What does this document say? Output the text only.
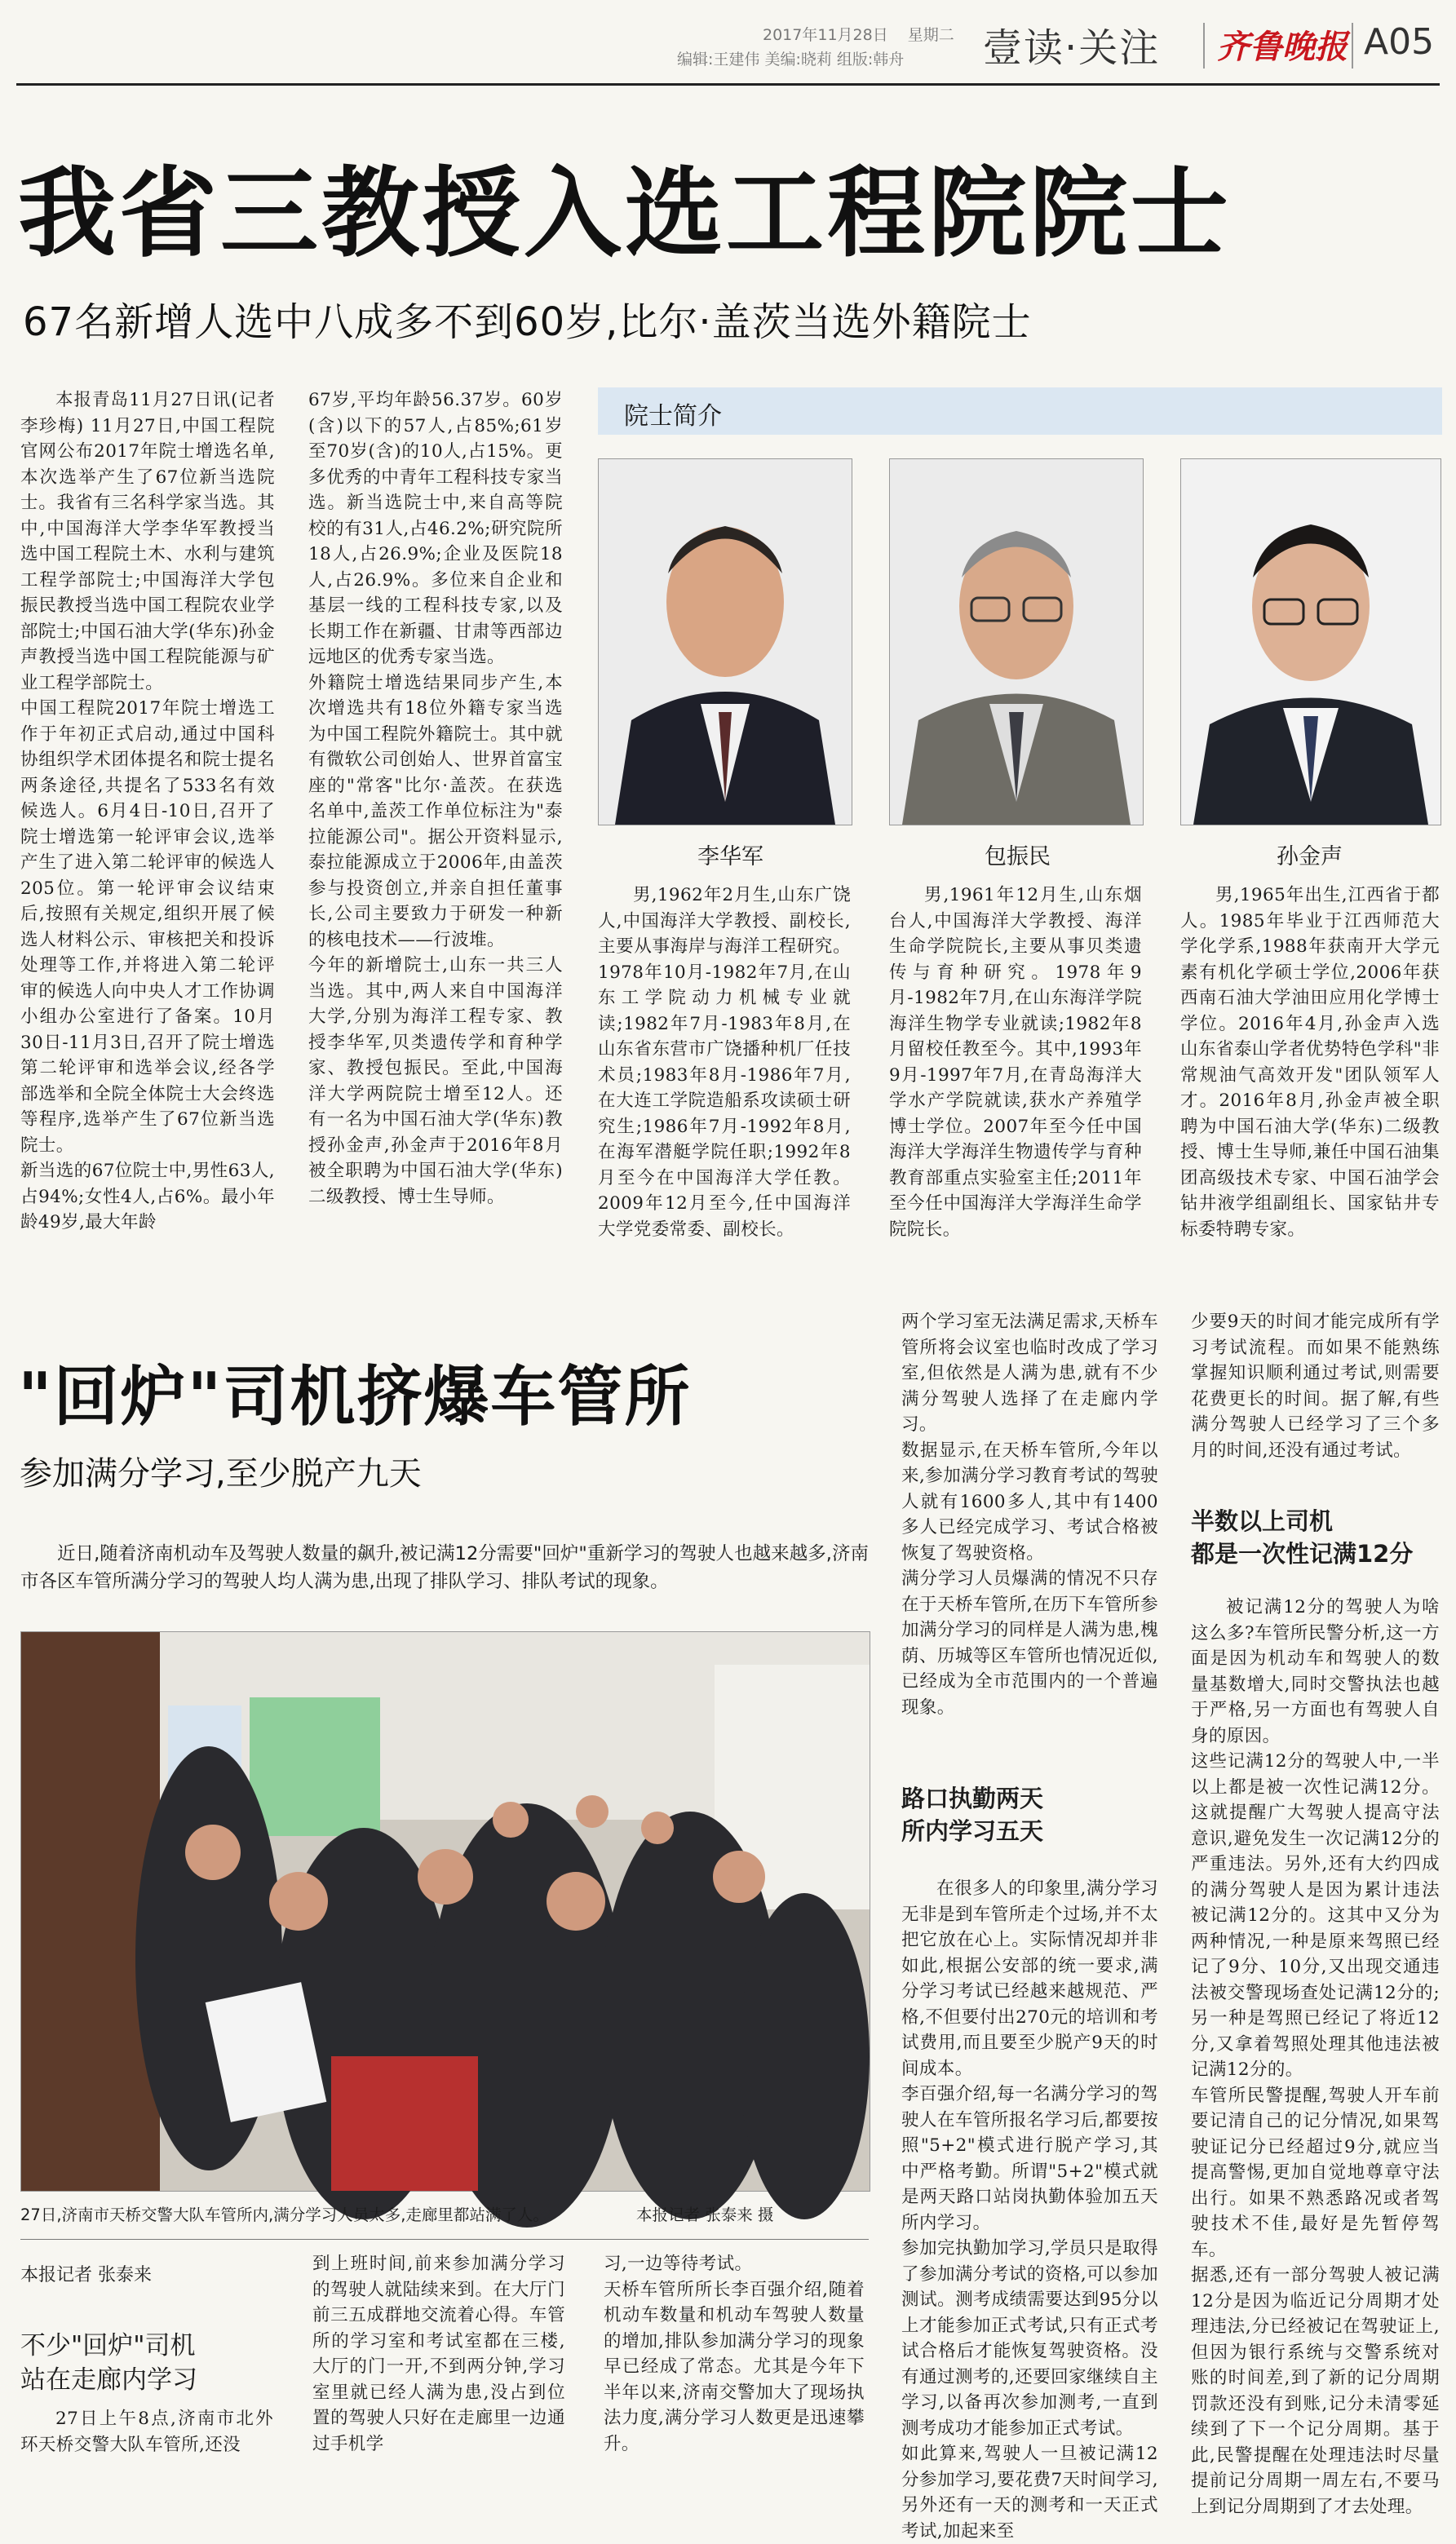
2017年11月28日 星期二
编辑:王建伟 美编:晓莉 组版:韩舟 壹读·关注 齐鲁晚报 A05
我省三教授入选工程院院士
67名新增人选中八成多不到60岁,比尔·盖茨当选外籍院士

本报青岛11月27日讯(记者 李珍梅) 11月27日,中国工程院官网公布2017年院士增选名单,本次选举产生了67位新当选院士。我省有三名科学家当选。其中,中国海洋大学李华军教授当选中国工程院土木、水利与建筑工程学部院士;中国海洋大学包振民教授当选中国工程院农业学部院士;中国石油大学(华东)孙金声教授当选中国工程院能源与矿业工程学部院士。
中国工程院2017年院士增选工作于年初正式启动,通过中国科协组织学术团体提名和院士提名两条途径,共提名了533名有效候选人。6月4日-10日,召开了院士增选第一轮评审会议,选举产生了进入第二轮评审的候选人205位。第一轮评审会议结束后,按照有关规定,组织开展了候选人材料公示、审核把关和投诉处理等工作,并将进入第二轮评审的候选人向中央人才工作协调小组办公室进行了备案。10月30日-11月3日,召开了院士增选第二轮评审和选举会议,经各学部选举和全院全体院士大会终选等程序,选举产生了67位新当选院士。
新当选的67位院士中,男性63人,占94%;女性4人,占6%。最小年龄49岁,最大年龄

67岁,平均年龄56.37岁。60岁(含)以下的57人,占85%;61岁至70岁(含)的10人,占15%。更多优秀的中青年工程科技专家当选。新当选院士中,来自高等院校的有31人,占46.2%;研究院所18人,占26.9%;企业及医院18人,占26.9%。多位来自企业和基层一线的工程科技专家,以及长期工作在新疆、甘肃等西部边远地区的优秀专家当选。
外籍院士增选结果同步产生,本次增选共有18位外籍专家当选为中国工程院外籍院士。其中就有微软公司创始人、世界首富宝座的"常客"比尔·盖茨。在获选名单中,盖茨工作单位标注为"泰拉能源公司"。据公开资料显示,泰拉能源成立于2006年,由盖茨参与投资创立,并亲自担任董事长,公司主要致力于研发一种新的核电技术——行波堆。
今年的新增院士,山东一共三人当选。其中,两人来自中国海洋大学,分别为海洋工程专家、教授李华军,贝类遗传学和育种学家、教授包振民。至此,中国海洋大学两院院士增至12人。还有一名为中国石油大学(华东)教授孙金声,孙金声于2016年8月被全职聘为中国石油大学(华东)二级教授、博士生导师。

院士简介
李华军

男,1962年2月生,山东广饶人,中国海洋大学教授、副校长,主要从事海岸与海洋工程研究。1978年10月-1982年7月,在山东工学院动力机械专业就读;1982年7月-1983年8月,在山东省东营市广饶播种机厂任技术员;1983年8月-1986年7月,在大连工学院造船系攻读硕士研究生;1986年7月-1992年8月,在海军潜艇学院任职;1992年8月至今在中国海洋大学任教。2009年12月至今,任中国海洋大学党委常委、副校长。

包振民

男,1961年12月生,山东烟台人,中国海洋大学教授、海洋生命学院院长,主要从事贝类遗传与育种研究。1978年9月-1982年7月,在山东海洋学院海洋生物学专业就读;1982年8月留校任教至今。其中,1993年9月-1997年7月,在青岛海洋大学水产学院就读,获水产养殖学博士学位。2007年至今任中国海洋大学海洋生物遗传学与育种教育部重点实验室主任;2011年至今任中国海洋大学海洋生命学院院长。

孙金声

男,1965年出生,江西省于都人。1985年毕业于江西师范大学化学系,1988年获南开大学元素有机化学硕士学位,2006年获西南石油大学油田应用化学博士学位。2016年4月,孙金声入选山东省泰山学者优势特色学科"非常规油气高效开发"团队领军人才。2016年8月,孙金声被全职聘为中国石油大学(华东)二级教授、博士生导师,兼任中国石油集团高级技术专家、中国石油学会钻井液学组副组长、国家钻井专标委特聘专家。

"回炉"司机挤爆车管所
参加满分学习,至少脱产九天

近日,随着济南机动车及驾驶人数量的飙升,被记满12分需要"回炉"重新学习的驾驶人也越来越多,济南市各区车管所满分学习的驾驶人均人满为患,出现了排队学习、排队考试的现象。

27日,济南市天桥交警大队车管所内,满分学习人员太多,走廊里都站满了人。	本报记者 张泰来 摄
本报记者 张泰来
不少"回炉"司机
站在走廊内学习

27日上午8点,济南市北外环天桥交警大队车管所,还没

到上班时间,前来参加满分学习的驾驶人就陆续来到。在大厅门前三五成群地交流着心得。车管所的学习室和考试室都在三楼,大厅的门一开,不到两分钟,学习室里就已经人满为患,没占到位置的驾驶人只好在走廊里一边通过手机学

习,一边等待考试。
天桥车管所所长李百强介绍,随着机动车数量和机动车驾驶人数量的增加,排队参加满分学习的现象早已经成了常态。尤其是今年下半年以来,济南交警加大了现场执法力度,满分学习人数更是迅速攀升。

两个学习室无法满足需求,天桥车管所将会议室也临时改成了学习室,但依然是人满为患,就有不少满分驾驶人选择了在走廊内学习。
数据显示,在天桥车管所,今年以来,参加满分学习教育考试的驾驶人就有1600多人,其中有1400多人已经完成学习、考试合格被恢复了驾驶资格。
满分学习人员爆满的情况不只存在于天桥车管所,在历下车管所参加满分学习的同样是人满为患,槐荫、历城等区车管所也情况近似,已经成为全市范围内的一个普遍现象。

路口执勤两天
所内学习五天

在很多人的印象里,满分学习无非是到车管所走个过场,并不太把它放在心上。实际情况却并非如此,根据公安部的统一要求,满分学习考试已经越来越规范、严格,不但要付出270元的培训和考试费用,而且要至少脱产9天的时间成本。
李百强介绍,每一名满分学习的驾驶人在车管所报名学习后,都要按照"5+2"模式进行脱产学习,其中严格考勤。所谓"5+2"模式就是两天路口站岗执勤体验加五天所内学习。
参加完执勤加学习,学员只是取得了参加满分考试的资格,可以参加测试。测考成绩需要达到95分以上才能参加正式考试,只有正式考试合格后才能恢复驾驶资格。没有通过测考的,还要回家继续自主学习,以备再次参加测考,一直到测考成功才能参加正式考试。
如此算来,驾驶人一旦被记满12分参加学习,要花费7天时间学习,另外还有一天的测考和一天正式考试,加起来至

少要9天的时间才能完成所有学习考试流程。而如果不能熟练掌握知识顺利通过考试,则需要花费更长的时间。据了解,有些满分驾驶人已经学习了三个多月的时间,还没有通过考试。

半数以上司机
都是一次性记满12分

被记满12分的驾驶人为啥这么多?车管所民警分析,这一方面是因为机动车和驾驶人的数量基数增大,同时交警执法也越于严格,另一方面也有驾驶人自身的原因。
这些记满12分的驾驶人中,一半以上都是被一次性记满12分。这就提醒广大驾驶人提高守法意识,避免发生一次记满12分的严重违法。另外,还有大约四成的满分驾驶人是因为累计违法被记满12分的。这其中又分为两种情况,一种是原来驾照已经记了9分、10分,又出现交通违法被交警现场查处记满12分的;另一种是驾照已经记了将近12分,又拿着驾照处理其他违法被记满12分的。
车管所民警提醒,驾驶人开车前要记清自己的记分情况,如果驾驶证记分已经超过9分,就应当提高警惕,更加自觉地尊章守法出行。如果不熟悉路况或者驾驶技术不佳,最好是先暂停驾车。
据悉,还有一部分驾驶人被记满12分是因为临近记分周期才处理违法,分已经被记在驾驶证上,但因为银行系统与交警系统对账的时间差,到了新的记分周期罚款还没有到账,记分未清零延续到了下一个记分周期。基于此,民警提醒在处理违法时尽量提前记分周期一周左右,不要马上到记分周期到了才去处理。
